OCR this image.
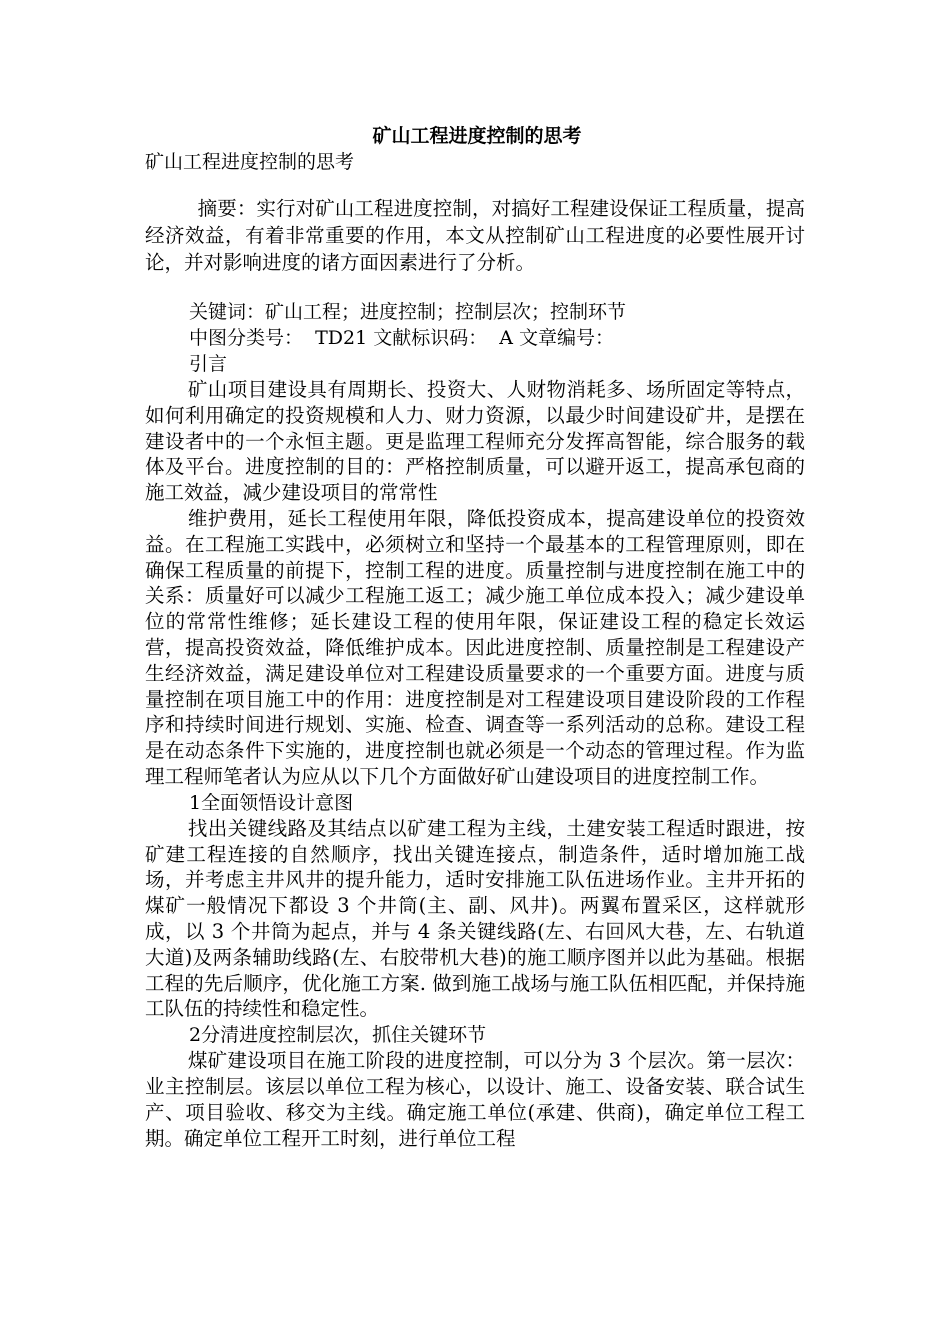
矿山工程进度控制的思考

矿山工程进度控制的思考

摘要：实行对矿山工程进度控制，对搞好工程建设保证工程质量，提高经济效益，有着非常重要的作用，本文从控制矿山工程进度的必要性展开讨论，并对影响进度的诸方面因素进行了分析。

关键词：矿山工程；进度控制；控制层次；控制环节

中图分类号：  TD21 文献标识码：  A 文章编号：

引言

矿山项目建设具有周期长、投资大、人财物消耗多、场所固定等特点，如何利用确定的投资规模和人力、财力资源，以最少时间建设矿井，是摆在建设者中的一个永恒主题。更是监理工程师充分发挥高智能，综合服务的载体及平台。进度控制的目的：严格控制质量，可以避开返工，提高承包商的施工效益，减少建设项目的常常性

维护费用，延长工程使用年限，降低投资成本，提高建设单位的投资效益。在工程施工实践中，必须树立和坚持一个最基本的工程管理原则，即在确保工程质量的前提下，控制工程的进度。质量控制与进度控制在施工中的关系：质量好可以减少工程施工返工；减少施工单位成本投入；减少建设单位的常常性维修；延长建设工程的使用年限，保证建设工程的稳定长效运营，提高投资效益，降低维护成本。因此进度控制、质量控制是工程建设产生经济效益，满足建设单位对工程建设质量要求的一个重要方面。进度与质量控制在项目施工中的作用：进度控制是对工程建设项目建设阶段的工作程序和持续时间进行规划、实施、检查、调查等一系列活动的总称。建设工程是在动态条件下实施的，进度控制也就必须是一个动态的管理过程。作为监理工程师笔者认为应从以下几个方面做好矿山建设项目的进度控制工作。

1全面领悟设计意图

找出关键线路及其结点以矿建工程为主线，土建安装工程适时跟进，按矿建工程连接的自然顺序，找出关键连接点，制造条件，适时增加施工战场，并考虑主井风井的提升能力，适时安排施工队伍进场作业。主井开拓的煤矿一般情况下都设 3 个井筒(主、副、风井)。两翼布置采区，这样就形成，以 3 个井筒为起点，并与 4 条关键线路(左、右回风大巷，左、右轨道大道)及两条辅助线路(左、右胶带机大巷)的施工顺序图并以此为基础。根据工程的先后顺序，优化施工方案. 做到施工战场与施工队伍相匹配，并保持施工队伍的持续性和稳定性。

2分清进度控制层次，抓住关键环节

煤矿建设项目在施工阶段的进度控制，可以分为 3 个层次。第一层次：业主控制层。该层以单位工程为核心，以设计、施工、设备安装、联合试生产、项目验收、移交为主线。确定施工单位(承建、供商)，确定单位工程工期。确定单位工程开工时刻，进行单位工程
